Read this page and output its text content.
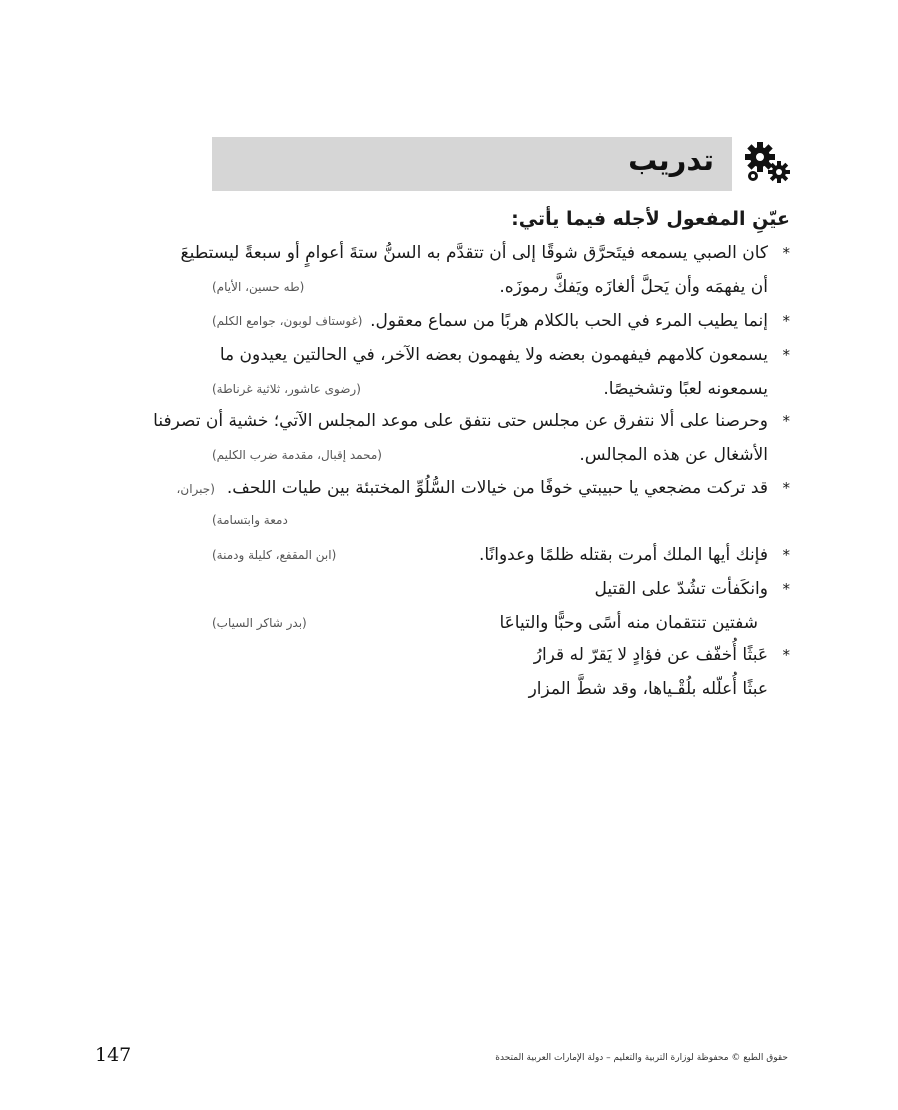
تدريب
عيّنِ المفعول لأجله فيما يأتي:
*كان الصبي يسمعه فيتَحرَّق شوقًا إلى أن تتقدَّم به السنُّ ستةَ أعوامٍ أو سبعةً ليستطيعَ
أن يفهمَه وأن يَحلَّ ألغازَه ويَفكَّ رموزَه.
(طه حسين، الأيام)
*إنما يطيب المرء في الحب بالكلام هربًا من سماع معقول.
(غوستاف لوبون، جوامع الكلم)
*يسمعون كلامهم فيفهمون بعضه ولا يفهمون بعضه الآخر، في الحالتين يعيدون ما
يسمعونه لعبًا وتشخيصًا.
(رضوى عاشور، ثلاثية غرناطة)
*وحرصنا على ألا نتفرق عن مجلس حتى نتفق على موعد المجلس الآتي؛ خشية أن تصرفنا
الأشغال عن هذه المجالس.
(محمد إقبال، مقدمة ضرب الكليم)
*قد تركت مضجعي يا حبيبتي خوفًا من خيالات السُّلُوِّ المختبئة بين طيات اللحف.(جبران،
دمعة وابتسامة)
*فإنك أيها الملك أمرت بقتله ظلمًا وعدوانًا.
(ابن المقفع، كليلة ودمنة)
*وانكَفأت تشُدّ على القتيل
شفتين تنتقمان منه أسًى وحبًّا والتياعَا
(بدر شاكر السياب)
*عَبثًا أُخفّف عن فؤادٍ لا يَقرّ له قرارُ
عبثًا أُعلّله بلُقْـياها، وقد شطَّ المزار
حقوق الطبع © محفوظة لوزارة التربية والتعليم – دولة الإمارات العربية المتحدة
147
